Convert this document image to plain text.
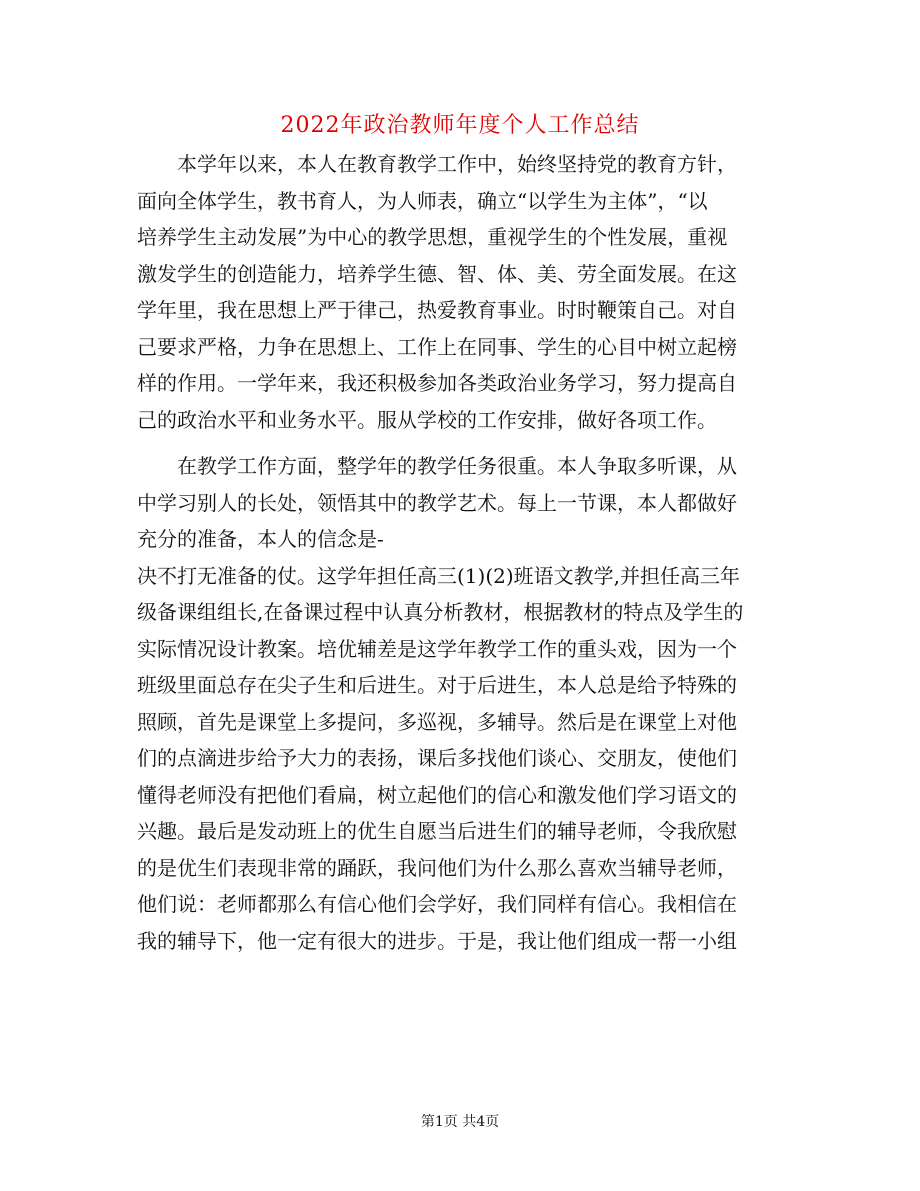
2022年政治教师年度个人工作总结
　　本学年以来，本人在教育教学工作中，始终坚持党的教育方针，
面向全体学生，教书育人，为人师表，确立“以学生为主体”，“以
培养学生主动发展”为中心的教学思想，重视学生的个性发展，重视
激发学生的创造能力，培养学生德、智、体、美、劳全面发展。在这
学年里，我在思想上严于律己，热爱教育事业。时时鞭策自己。对自
己要求严格，力争在思想上、工作上在同事、学生的心目中树立起榜
样的作用。一学年来，我还积极参加各类政治业务学习，努力提高自
己的政治水平和业务水平。服从学校的工作安排，做好各项工作。
　　在教学工作方面，整学年的教学任务很重。本人争取多听课，从
中学习别人的长处，领悟其中的教学艺术。每上一节课，本人都做好
充分的准备，本人的信念是-
决不打无准备的仗。这学年担任高三(1)(2)班语文教学,并担任高三年
级备课组组长,在备课过程中认真分析教材，根据教材的特点及学生的
实际情况设计教案。培优辅差是这学年教学工作的重头戏，因为一个
班级里面总存在尖子生和后进生。对于后进生，本人总是给予特殊的
照顾，首先是课堂上多提问，多巡视，多辅导。然后是在课堂上对他
们的点滴进步给予大力的表扬，课后多找他们谈心、交朋友，使他们
懂得老师没有把他们看扁，树立起他们的信心和激发他们学习语文的
兴趣。最后是发动班上的优生自愿当后进生们的辅导老师，令我欣慰
的是优生们表现非常的踊跃，我问他们为什么那么喜欢当辅导老师，
他们说：老师都那么有信心他们会学好，我们同样有信心。我相信在
我的辅导下，他一定有很大的进步。于是，我让他们组成一帮一小组
第1页 共4页
